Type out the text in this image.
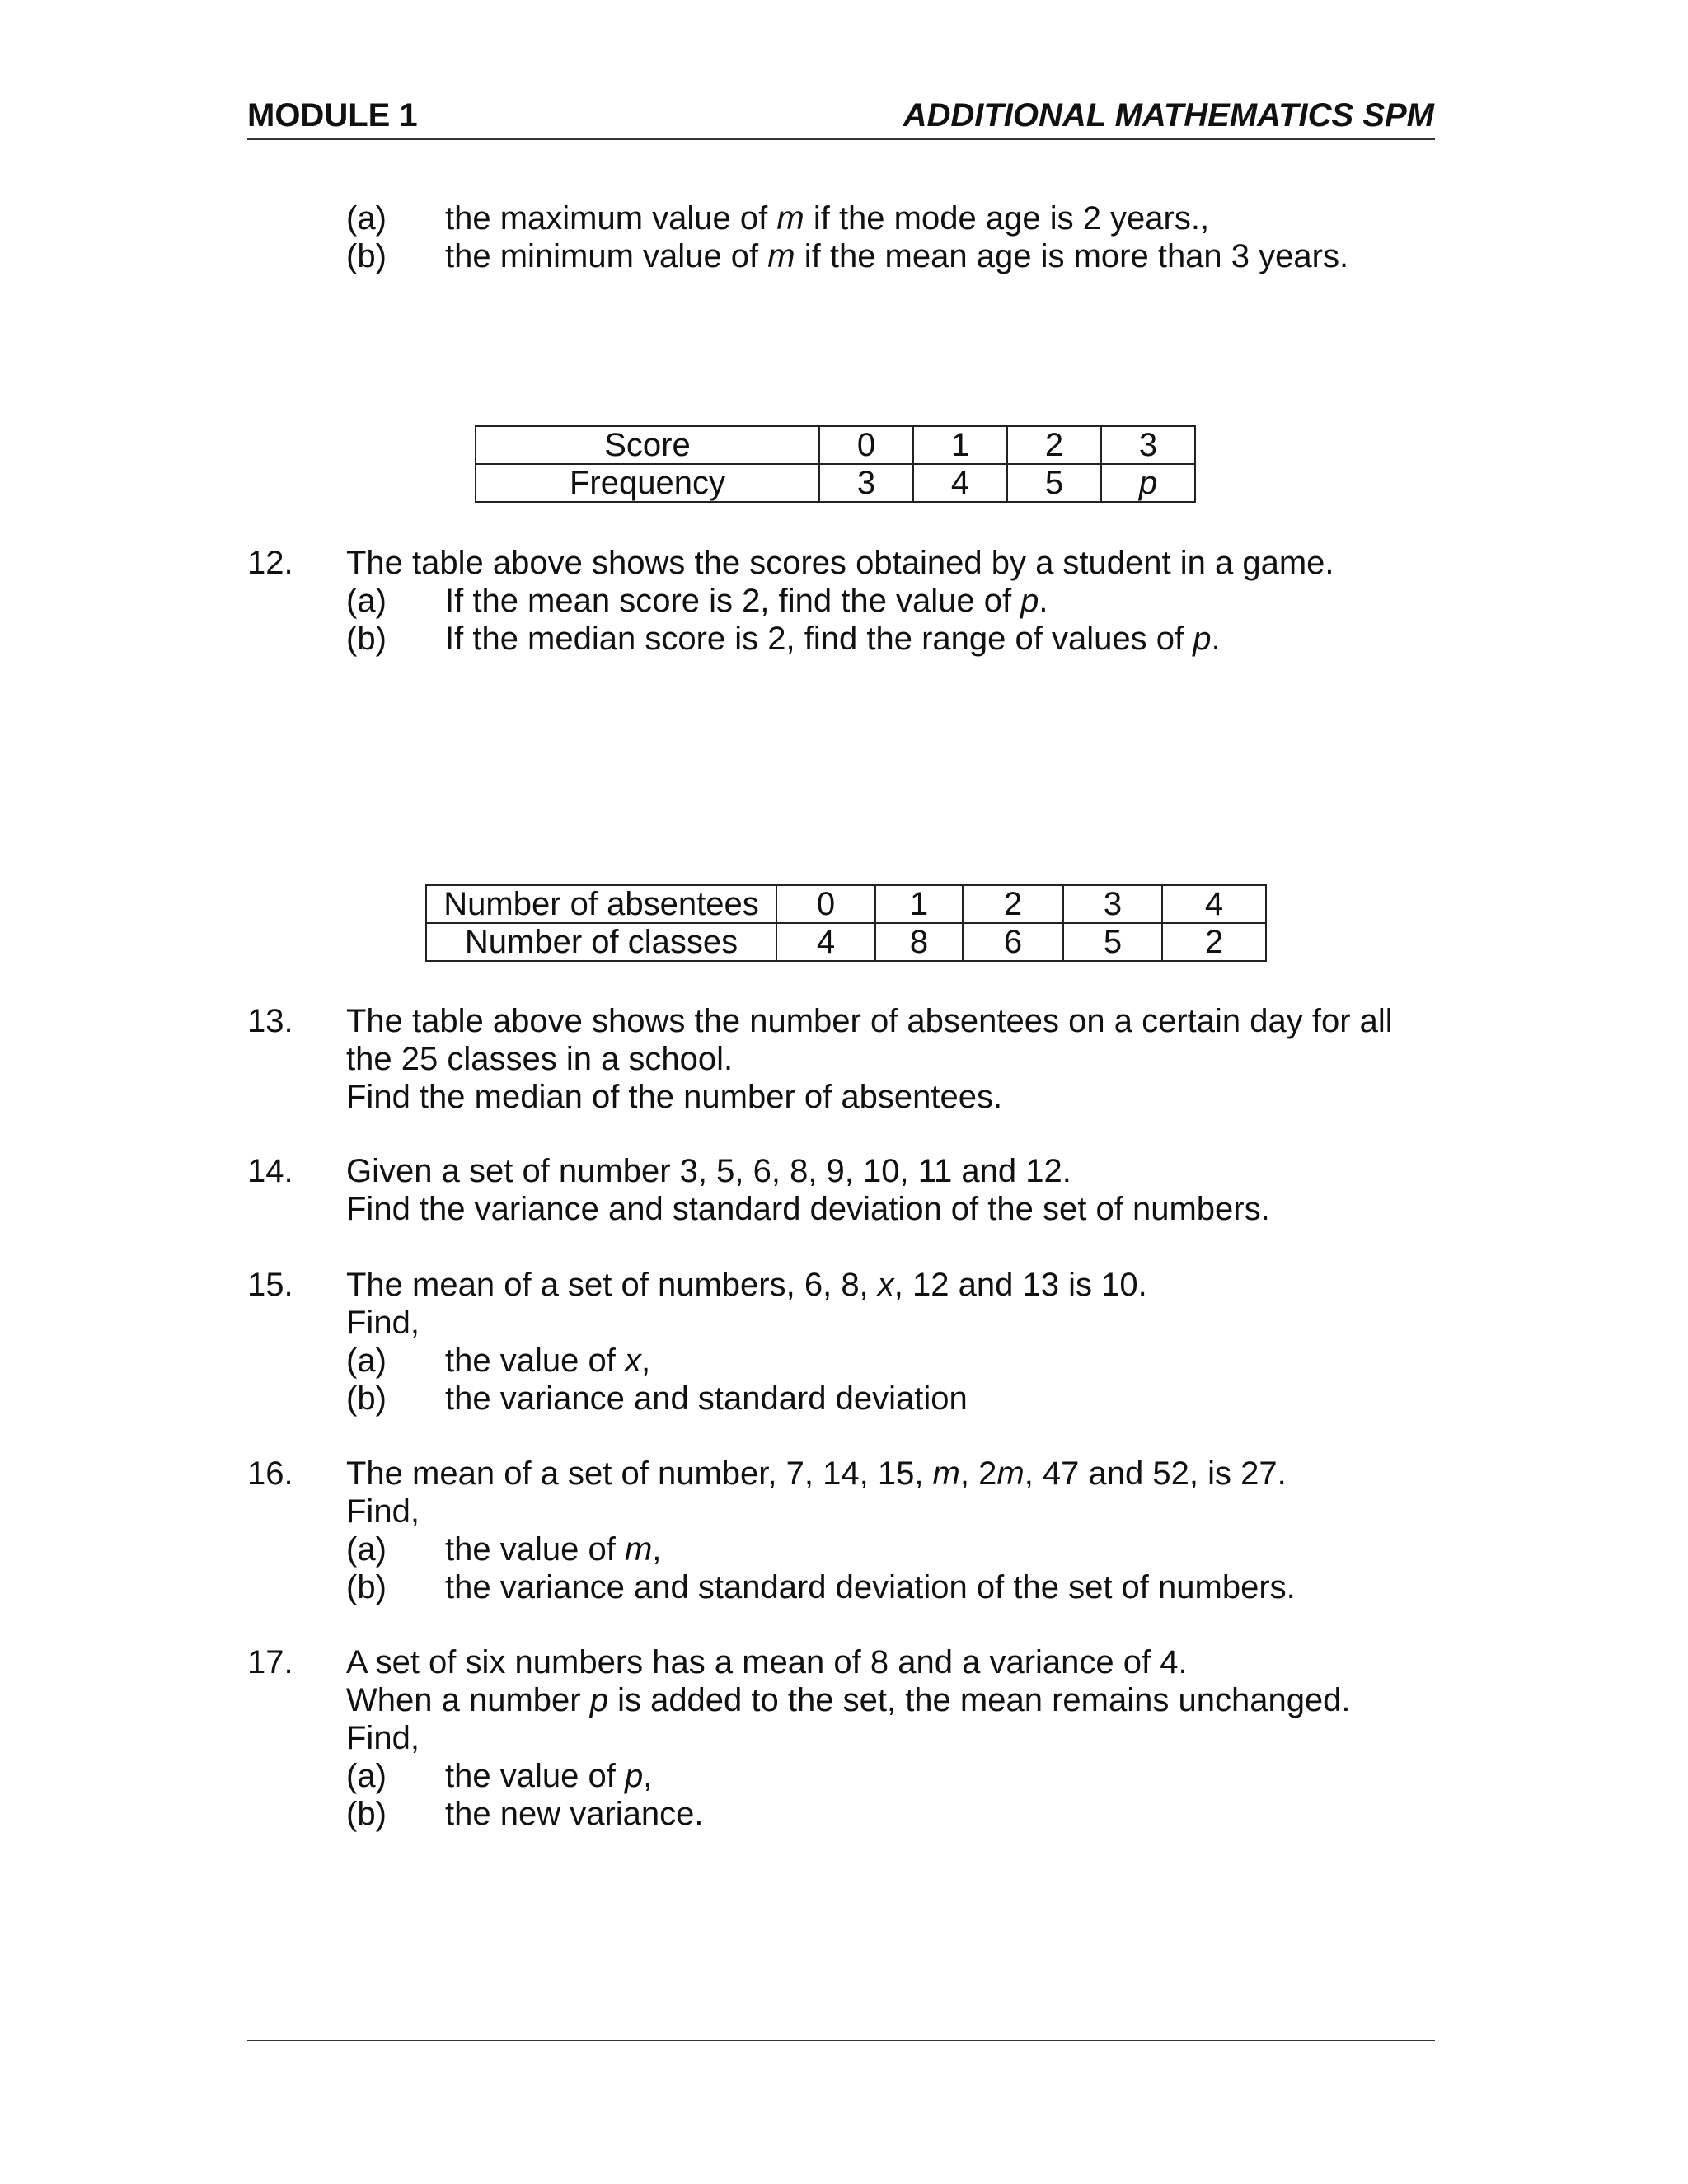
MODULE 1	ADDITIONAL MATHEMATICS SPM
(a) the maximum value of m if the mode age is 2 years.,
(b) the minimum value of m if the mean age is more than 3 years.
Score	0	1	2	3
Frequency	3	4	5	p
12. The table above shows the scores obtained by a student in a game.
(a) If the mean score is 2, find the value of p.
(b) If the median score is 2, find the range of values of p.
Number of absentees	0	1	2	3	4
Number of classes	4	8	6	5	2
13. The table above shows the number of absentees on a certain day for all
the 25 classes in a school.
Find the median of the number of absentees.
14. Given a set of number 3, 5, 6, 8, 9, 10, 11 and 12.
Find the variance and standard deviation of the set of numbers.
15. The mean of a set of numbers, 6, 8, x, 12 and 13 is 10.
Find,
(a) the value of x,
(b) the variance and standard deviation
16. The mean of a set of number, 7, 14, 15, m, 2m, 47 and 52, is 27.
Find,
(a) the value of m,
(b) the variance and standard deviation of the set of numbers.
17. A set of six numbers has a mean of 8 and a variance of 4.
When a number p is added to the set, the mean remains unchanged.
Find,
(a) the value of p,
(b) the new variance.
